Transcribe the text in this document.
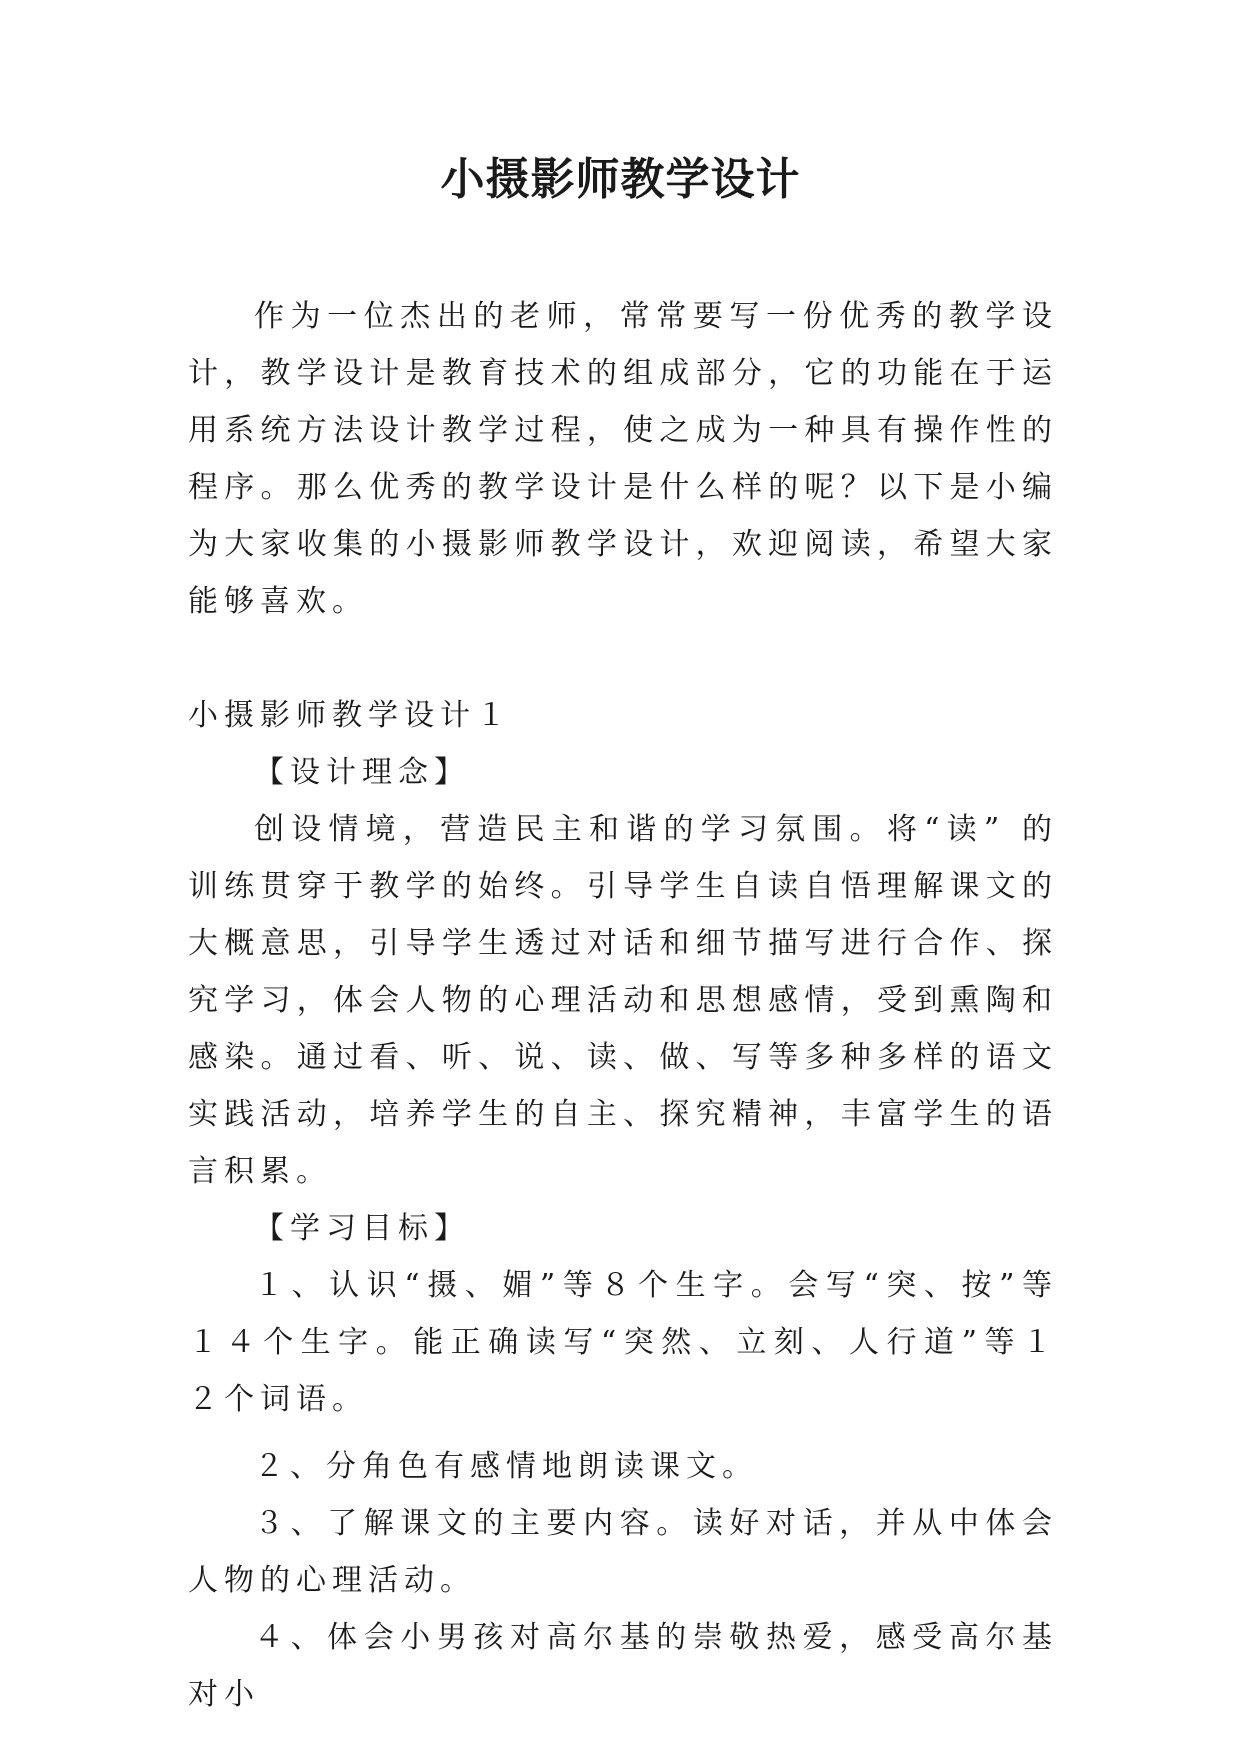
小摄影师教学设计

作为一位杰出的老师，常常要写一份优秀的教学设计，教学设计是教育技术的组成部分，它的功能在于运用系统方法设计教学过程，使之成为一种具有操作性的程序。那么优秀的教学设计是什么样的呢？以下是小编为大家收集的小摄影师教学设计，欢迎阅读，希望大家能够喜欢。

小摄影师教学设计１

【设计理念】

创设情境，营造民主和谐的学习氛围。将“读” 的训练贯穿于教学的始终。引导学生自读自悟理解课文的大概意思，引导学生透过对话和细节描写进行合作、探究学习，体会人物的心理活动和思想感情，受到熏陶和感染。通过看、听、说、读、做、写等多种多样的语文实践活动，培养学生的自主、探究精神，丰富学生的语言积累。

【学习目标】

１、认识“摄、媚”等８个生字。会写“突、按”等１４个生字。能正确读写“突然、立刻、人行道”等１２个词语。

２、分角色有感情地朗读课文。

３、了解课文的主要内容。读好对话，并从中体会人物的心理活动。

４、体会小男孩对高尔基的崇敬热爱，感受高尔基对小
